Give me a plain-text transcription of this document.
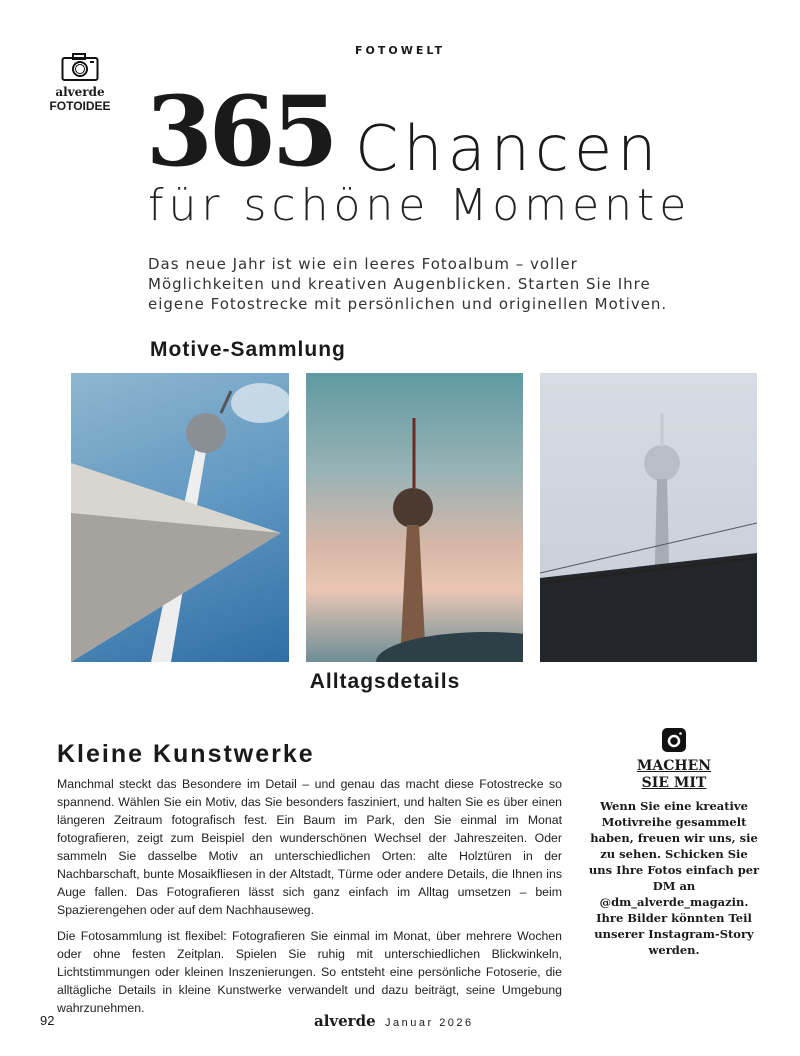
FOTOWELT
alverde
FOTOIDEE 365 Chancen
für schöne Momente
Das neue Jahr ist wie ein leeres Fotoalbum – voller Möglichkeiten und kreativen Augenblicken. Starten Sie Ihre eigene Fotostrecke mit persönlichen und originellen Motiven.
Motive-Sammlung
Alltagsdetails
Kleine Kunstwerke

Manchmal steckt das Besondere im Detail – und genau das macht diese Fotostrecke so spannend. Wählen Sie ein Motiv, das Sie besonders fasziniert, und halten Sie es über einen längeren Zeitraum fotografisch fest. Ein Baum im Park, den Sie einmal im Monat fotografieren, zeigt zum Beispiel den wunderschönen Wechsel der Jahreszeiten. Oder sammeln Sie dasselbe Motiv an unterschiedlichen Orten: alte Holztüren in der Nachbarschaft, bunte Mosaikfliesen in der Altstadt, Türme oder andere Details, die Ihnen ins Auge fallen. Das Fotografieren lässt sich ganz einfach im Alltag umsetzen – beim Spazierengehen oder auf dem Nachhauseweg.

Die Fotosammlung ist flexibel: Fotografieren Sie einmal im Monat, über mehrere Wochen oder ohne festen Zeitplan. Spielen Sie ruhig mit unterschiedlichen Blickwinkeln, Lichtstimmungen oder kleinen Inszenierungen. So entsteht eine persönliche Fotoserie, die alltägliche Details in kleine Kunstwerke verwandelt und dazu beiträgt, seine Umgebung wahrzunehmen.

MACHEN
SIE MIT
Wenn Sie eine kreative Motivreihe gesammelt haben, freuen wir uns, sie zu sehen. Schicken Sie uns Ihre Fotos einfach per DM an @dm_alverde_magazin. Ihre Bilder könnten Teil unserer Instagram-Story werden.
92	alverde Januar 2026
